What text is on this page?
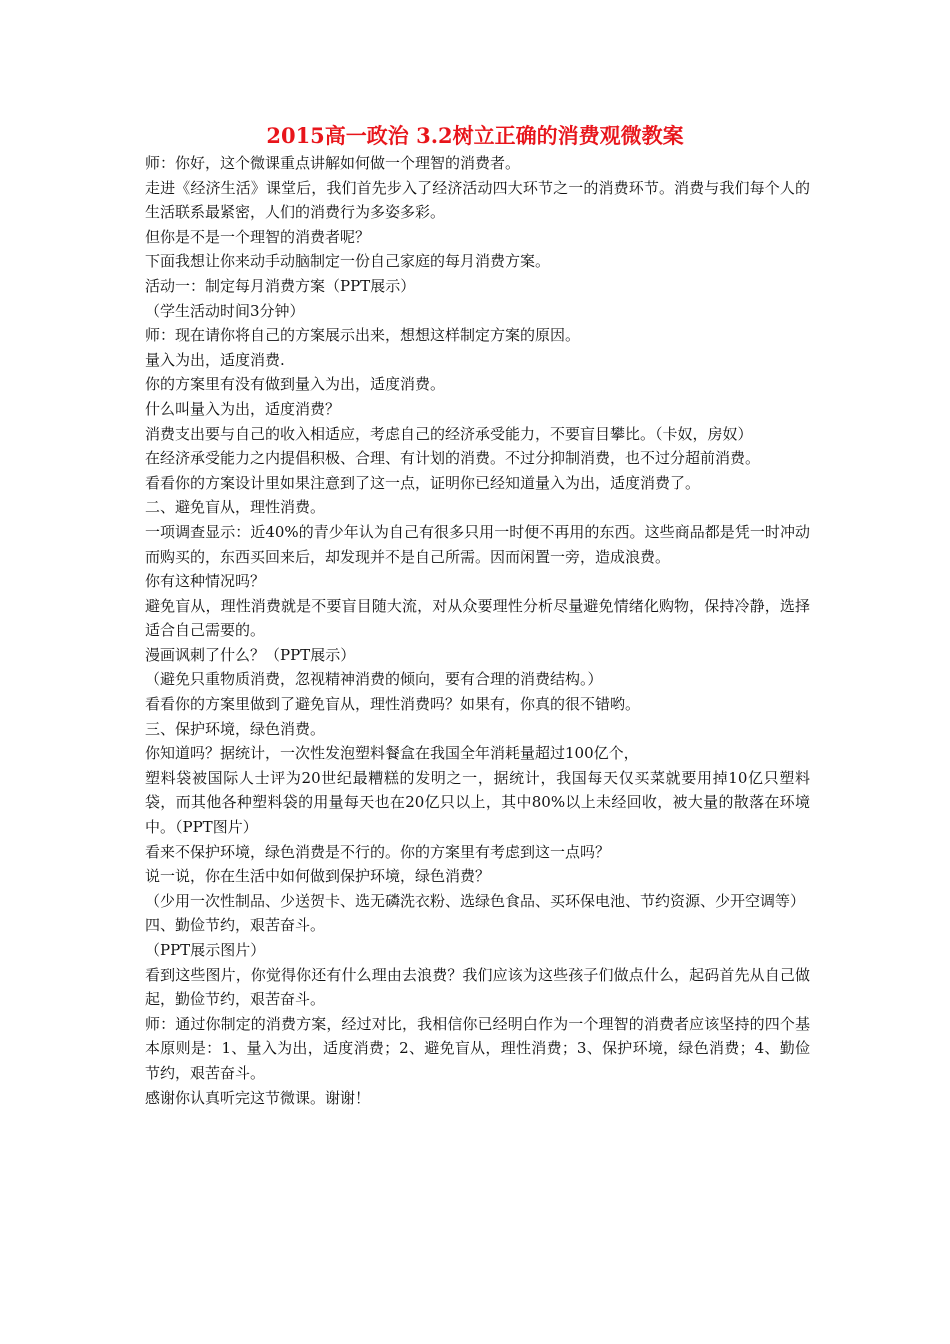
2015高一政治 3.2树立正确的消费观微教案

师：你好，这个微课重点讲解如何做一个理智的消费者。

走进《经济生活》课堂后，我们首先步入了经济活动四大环节之一的消费环节。消费与我们每个人的生活联系最紧密，人们的消费行为多姿多彩。

但你是不是一个理智的消费者呢？

下面我想让你来动手动脑制定一份自己家庭的每月消费方案。

活动一：制定每月消费方案（PPT展示）

（学生活动时间3分钟）

师：现在请你将自己的方案展示出来，想想这样制定方案的原因。

量入为出，适度消费.

你的方案里有没有做到量入为出，适度消费。

什么叫量入为出，适度消费？

消费支出要与自己的收入相适应，考虑自己的经济承受能力，不要盲目攀比。（卡奴，房奴）

在经济承受能力之内提倡积极、合理、有计划的消费。不过分抑制消费，也不过分超前消费。

看看你的方案设计里如果注意到了这一点，证明你已经知道量入为出，适度消费了。

二、避免盲从，理性消费。

一项调查显示：近40%的青少年认为自己有很多只用一时便不再用的东西。这些商品都是凭一时冲动而购买的，东西买回来后，却发现并不是自己所需。因而闲置一旁，造成浪费。

你有这种情况吗？

避免盲从，理性消费就是不要盲目随大流，对从众要理性分析尽量避免情绪化购物，保持冷静，选择适合自己需要的。

漫画讽刺了什么？（PPT展示）

（避免只重物质消费，忽视精神消费的倾向，要有合理的消费结构。）

看看你的方案里做到了避免盲从，理性消费吗？如果有，你真的很不错哟。

三、保护环境，绿色消费。

你知道吗？据统计，一次性发泡塑料餐盒在我国全年消耗量超过100亿个，

塑料袋被国际人士评为20世纪最糟糕的发明之一，据统计，我国每天仅买菜就要用掉10亿只塑料袋，而其他各种塑料袋的用量每天也在20亿只以上，其中80%以上未经回收，被大量的散落在环境中。（PPT图片）

看来不保护环境，绿色消费是不行的。你的方案里有考虑到这一点吗？

说一说，你在生活中如何做到保护环境，绿色消费？

（少用一次性制品、少送贺卡、选无磷洗衣粉、选绿色食品、买环保电池、节约资源、少开空调等）

四、勤俭节约，艰苦奋斗。

（PPT展示图片）

看到这些图片，你觉得你还有什么理由去浪费？我们应该为这些孩子们做点什么，起码首先从自己做起，勤俭节约，艰苦奋斗。

师：通过你制定的消费方案，经过对比，我相信你已经明白作为一个理智的消费者应该坚持的四个基本原则是：1、量入为出，适度消费；2、避免盲从，理性消费；3、保护环境，绿色消费；4、勤俭节约，艰苦奋斗。

感谢你认真听完这节微课。谢谢！
